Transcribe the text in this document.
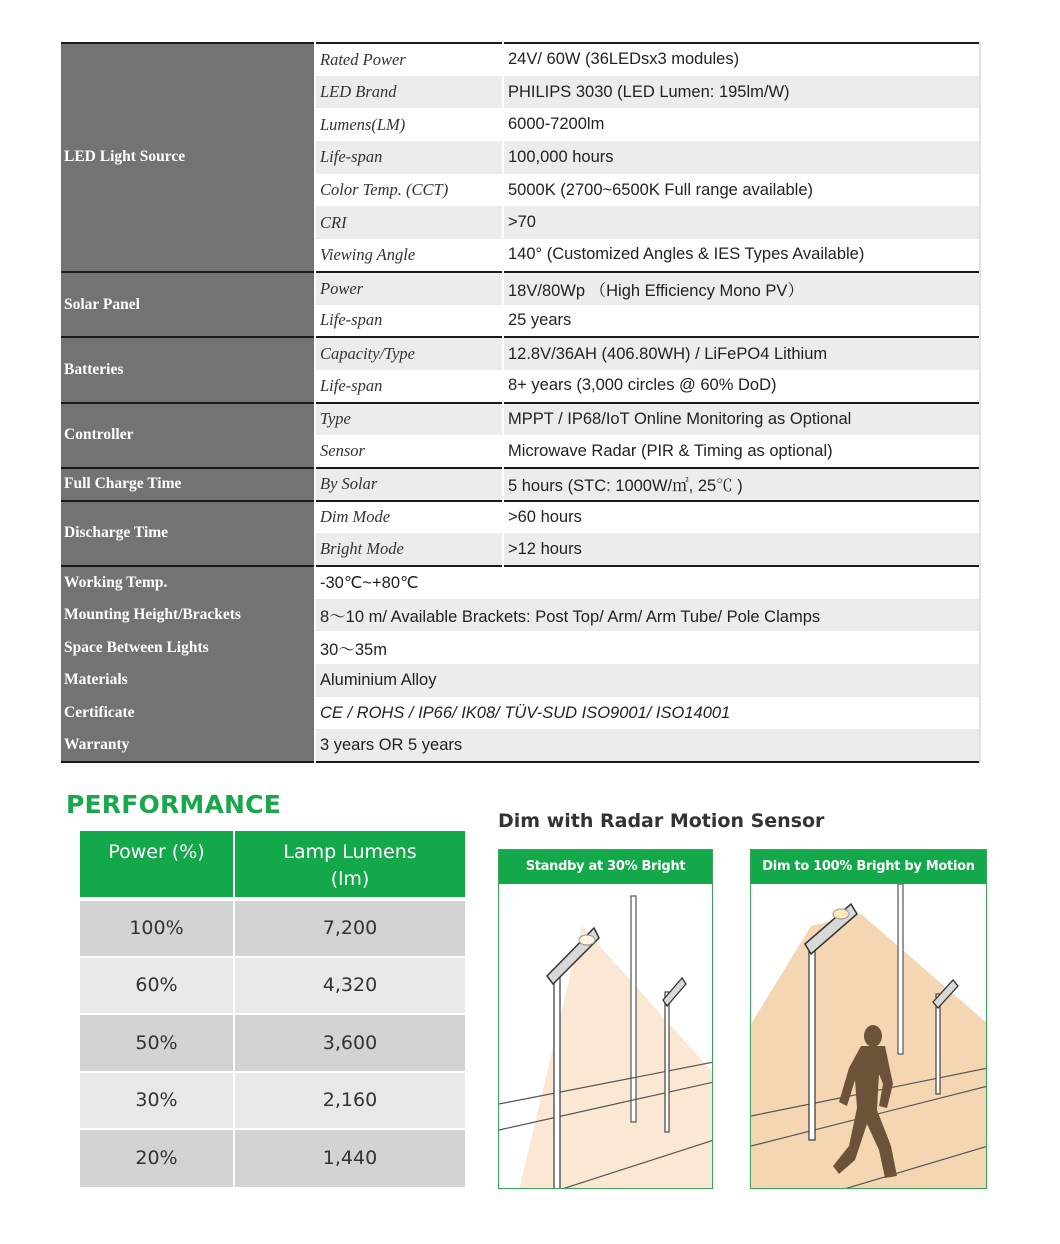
LED Light Source	Rated Power	24V/ 60W (36LEDsx3 modules)
	LED Brand	PHILIPS 3030 (LED Lumen: 195lm/W)
	Lumens(LM)	6000-7200lm
	Life-span	100,000 hours
	Color Temp. (CCT)	5000K (2700~6500K Full range available)
	CRI	>70
	Viewing Angle	140° (Customized Angles & IES Types Available)
Solar Panel	Power	18V/80Wp （High Efficiency Mono PV）
	Life-span	25 years
Batteries	Capacity/Type	12.8V/36AH (406.80WH) / LiFePO4 Lithium
	Life-span	8+ years (3,000 circles @ 60% DoD)
Controller	Type	MPPT / IP68/IoT Online Monitoring as Optional
	Sensor	Microwave Radar (PIR & Timing as optional)
Full Charge Time	By Solar	5 hours (STC: 1000W/㎡, 25℃ )
Discharge Time	Dim Mode	>60 hours
	Bright Mode	>12 hours
Working Temp.	-30℃~+80℃	
Mounting Height/Brackets	8～10 m/ Available Brackets: Post Top/ Arm/ Arm Tube/ Pole Clamps	
Space Between Lights	30～35m	
Materials	Aluminium Alloy	
Certificate	CE / ROHS / IP66/ IK08/ TÜV-SUD ISO9001/ ISO14001	
Warranty	3 years OR 5 years	
PERFORMANCE
Power (%)	Lamp Lumens
(lm)
100%	7,200
60%	4,320
50%	3,600
30%	2,160
20%	1,440
Dim with Radar Motion Sensor
Standby at 30% Bright	Dim to 100% Bright by Motion
